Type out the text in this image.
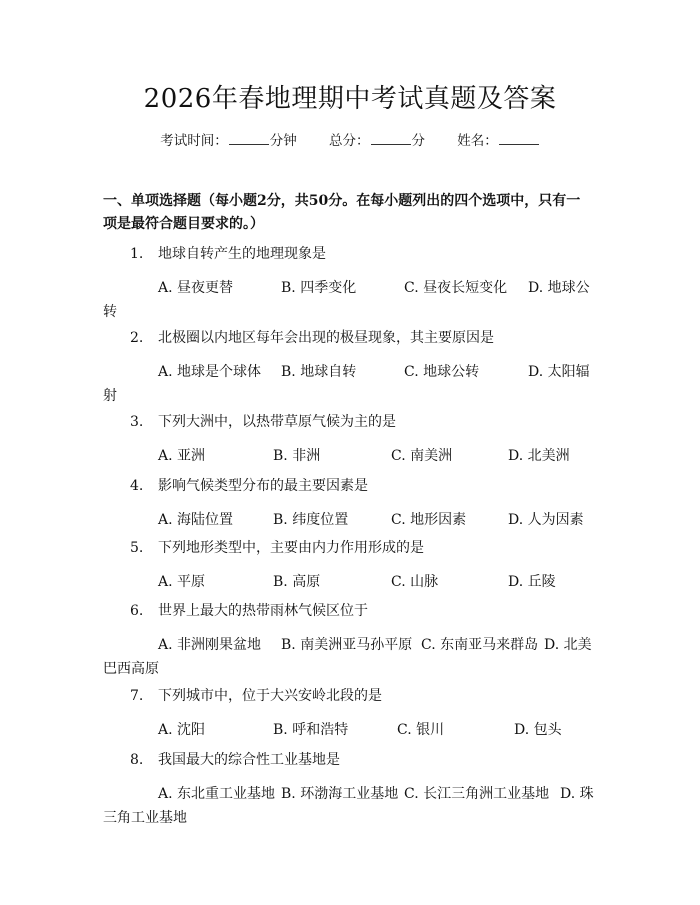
2026年春地理期中考试真题及答案
考试时间：	分钟 总分：	分 姓名：
一、单项选择题（每小题2分，共50分。在每小题列出的四个选项中，只有一项是最符合题目要求的。）
1. 地球自转产生的地理现象是
A. 昼夜更替	B. 四季变化	C. 昼夜长短变化 D. 地球公
转
2. 北极圈以内地区每年会出现的极昼现象，其主要原因是
A. 地球是个球体 B. 地球自转	C. 地球公转	D. 太阳辐
射
3. 下列大洲中，以热带草原气候为主的是
A. 亚洲	B. 非洲	C. 南美洲	D. 北美洲
4. 影响气候类型分布的最主要因素是
A. 海陆位置	B. 纬度位置	C. 地形因素	D. 人为因素
5. 下列地形类型中，主要由内力作用形成的是
A. 平原	B. 高原	C. 山脉	D. 丘陵
6. 世界上最大的热带雨林气候区位于
A. 非洲刚果盆地 B. 南美洲亚马孙平原 C. 东南亚马来群岛 D. 北美
巴西高原
7. 下列城市中，位于大兴安岭北段的是
A. 沈阳	B. 呼和浩特	C. 银川	D. 包头
8. 我国最大的综合性工业基地是
A. 东北重工业基地 B. 环渤海工业基地 C. 长江三角洲工业基地 D. 珠
三角工业基地
